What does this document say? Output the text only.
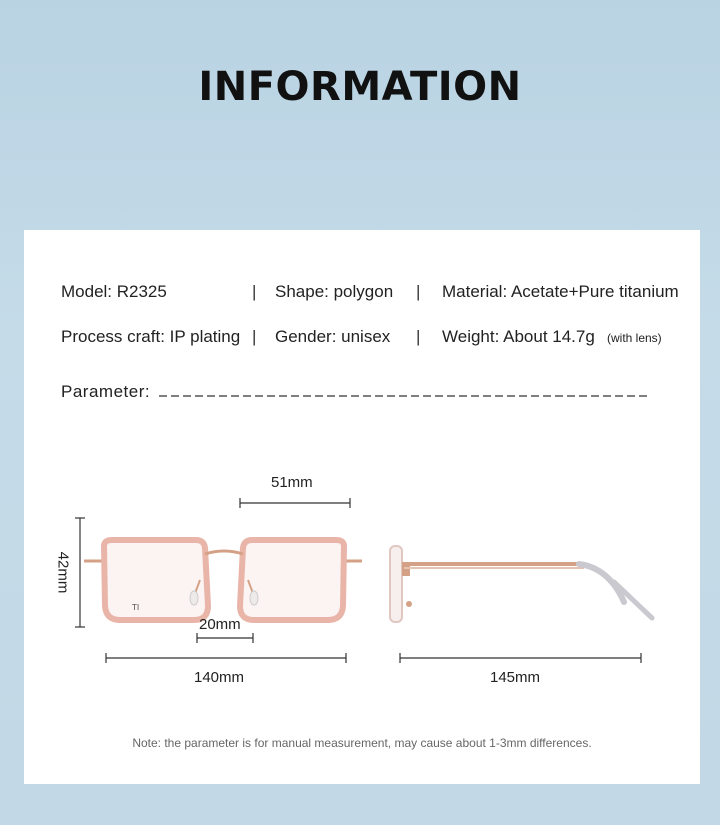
INFORMATION
Model: R2325	| Shape: polygon | Material: Acetate+Pure titanium
Process craft: IP plating | Gender: unisex | Weight: About 14.7g (with lens)
Parameter:
TI
51mm
42mm
20mm
140mm	145mm
Note: the parameter is for manual measurement, may cause about 1-3mm differences.
